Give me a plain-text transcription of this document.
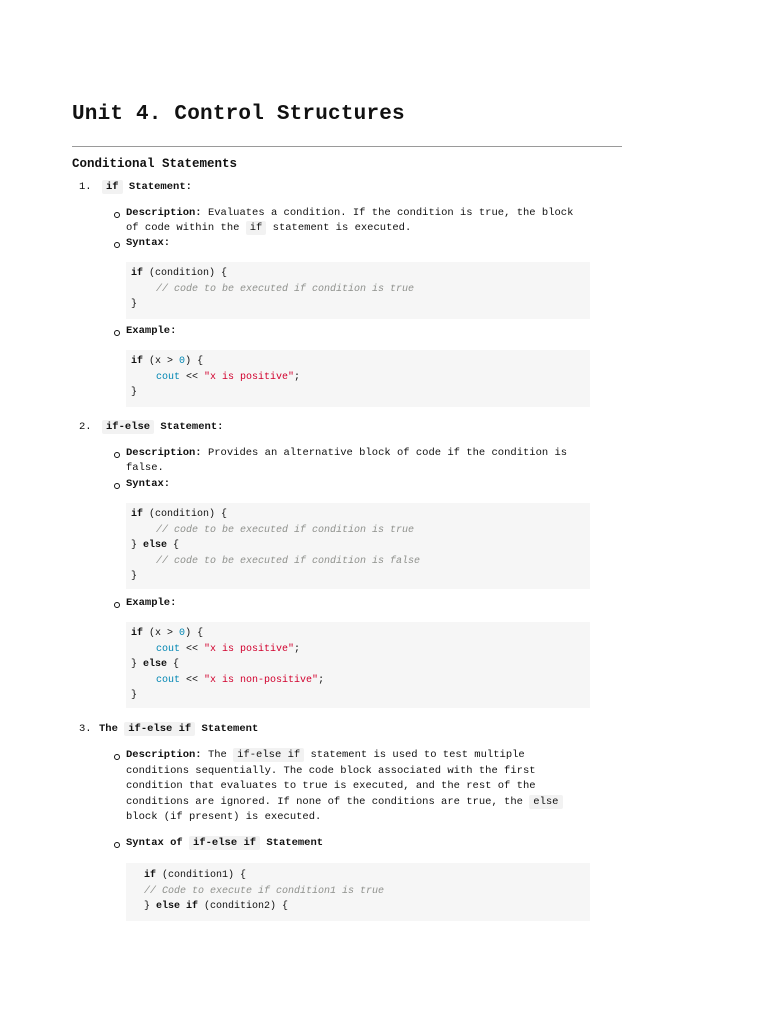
Unit 4. Control Structures
Conditional Statements
1.	if Statement:
Description: Evaluates a condition. If the condition is true, the block
of code within the if statement is executed.
Syntax:
if (condition) {
// code to be executed if condition is true
}
Example:
if (x > 0) {
cout << "x is positive";
}
2.	if-else Statement:
Description: Provides an alternative block of code if the condition is
false.
Syntax:
if (condition) {
// code to be executed if condition is true
} else {
// code to be executed if condition is false
}
Example:
if (x > 0) {
cout << "x is positive";
} else {
cout << "x is non-positive";
}
3. The if-else if Statement
Description: The if-else if statement is used to test multiple
conditions sequentially. The code block associated with the first
condition that evaluates to true is executed, and the rest of the
conditions are ignored. If none of the conditions are true, the else
block (if present) is executed.
Syntax of if-else if Statement
if (condition1) {
// Code to execute if condition1 is true
} else if (condition2) {
